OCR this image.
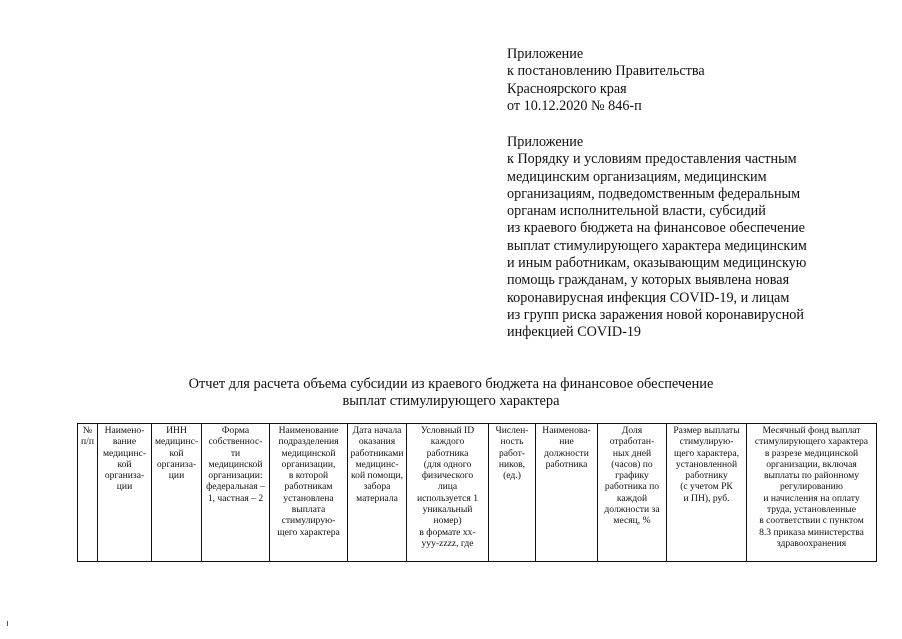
Приложение
к постановлению Правительства
Красноярского края
от 10.12.2020 № 846-п
Приложение
к Порядку и условиям предоставления частным
медицинским организациям, медицинским
организациям, подведомственным федеральным
органам исполнительной власти, субсидий
из краевого бюджета на финансовое обеспечение
выплат стимулирующего характера медицинским
и иным работникам, оказывающим медицинскую
помощь гражданам, у которых выявлена новая
коронавирусная инфекция COVID-19, и лицам
из групп риска заражения новой коронавирусной
инфекцией COVID-19
Отчет для расчета объема субсидии из краевого бюджета на финансовое обеспечение
выплат стимулирующего характера
№
п/п	Наимено-
вание
медицинс-
кой
организа-
ции	ИНН
медицинс-
кой
организа-
ции	Форма
собственнос-
ти
медицинской
организации:
федеральная –
1, частная – 2	Наименование
подразделения
медицинской
организации,
в которой
работникам
установлена
выплата
стимулирую-
щего характера	Дата начала
оказания
работниками
медицинс-
кой помощи,
забора
материала	Условный ID
каждого
работника
(для одного
физического
лица
используется 1
уникальный
номер)
в формате хх-
ууу-zzzz, где	Числен-
ность
работ-
ников,
(ед.)	Наименова-
ние
должности
работника	Доля
отработан-
ных дней
(часов) по
графику
работника по
каждой
должности за
месяц, %	Размер выплаты
стимулирую-
щего характера,
установленной
работнику
(с учетом РК
и ПН), руб.	Месячный фонд выплат
стимулирующего характера
в разрезе медицинской
организации, включая
выплаты по районному
регулированию
и начисления на оплату
труда, установленные
в соответствии с пунктом
8.3 приказа министерства
здравоохранения
